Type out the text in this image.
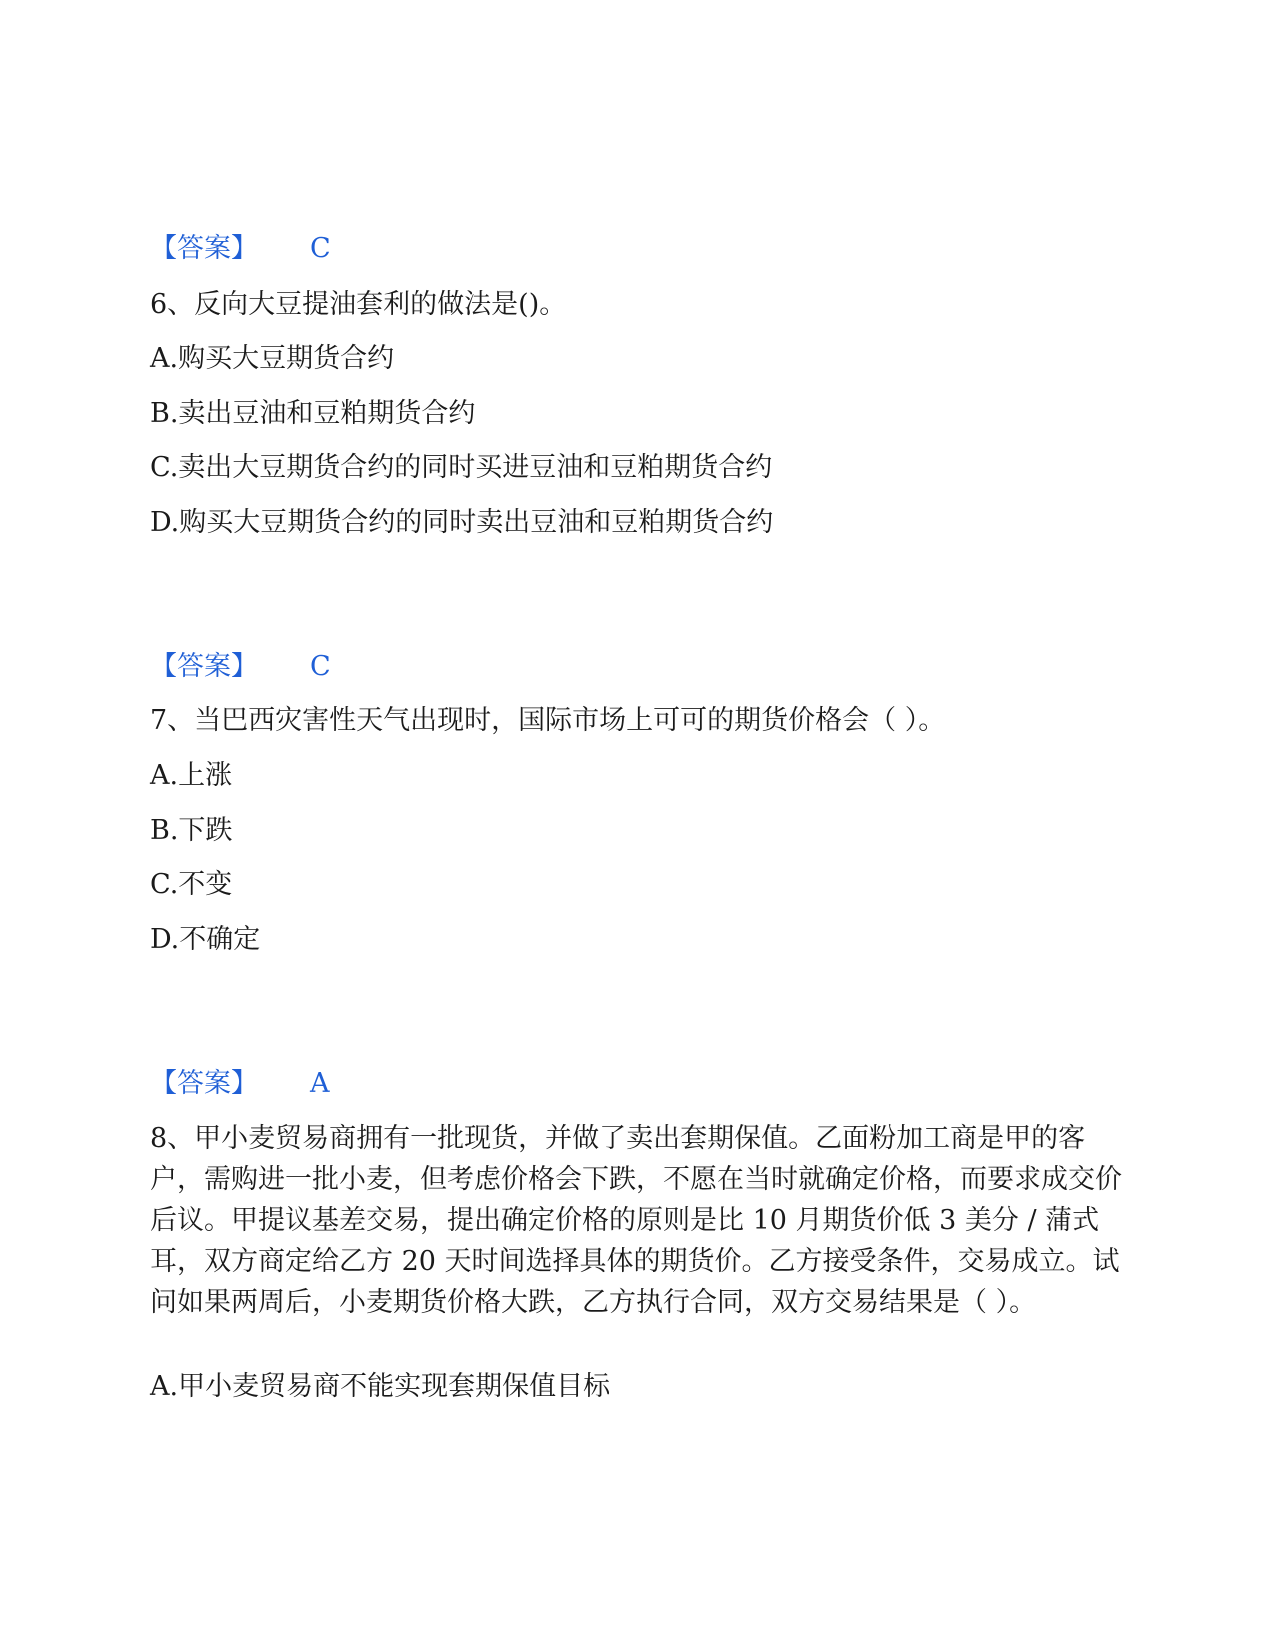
【答案】 C
6、反向大豆提油套利的做法是()。
A.购买大豆期货合约
B.卖出豆油和豆粕期货合约
C.卖出大豆期货合约的同时买进豆油和豆粕期货合约
D.购买大豆期货合约的同时卖出豆油和豆粕期货合约
【答案】 C
7、当巴西灾害性天气出现时，国际市场上可可的期货价格会（ ）。
A.上涨
B.下跌
C.不变
D.不确定
【答案】 A
8、甲小麦贸易商拥有一批现货，并做了卖出套期保值。乙面粉加工商是甲的客户，需购进一批小麦，但考虑价格会下跌，不愿在当时就确定价格，而要求成交价后议。甲提议基差交易，提出确定价格的原则是比 10 月期货价低 3 美分 / 蒲式耳，双方商定给乙方 20 天时间选择具体的期货价。乙方接受条件，交易成立。试问如果两周后，小麦期货价格大跌，乙方执行合同，双方交易结果是（ ）。
A.甲小麦贸易商不能实现套期保值目标
